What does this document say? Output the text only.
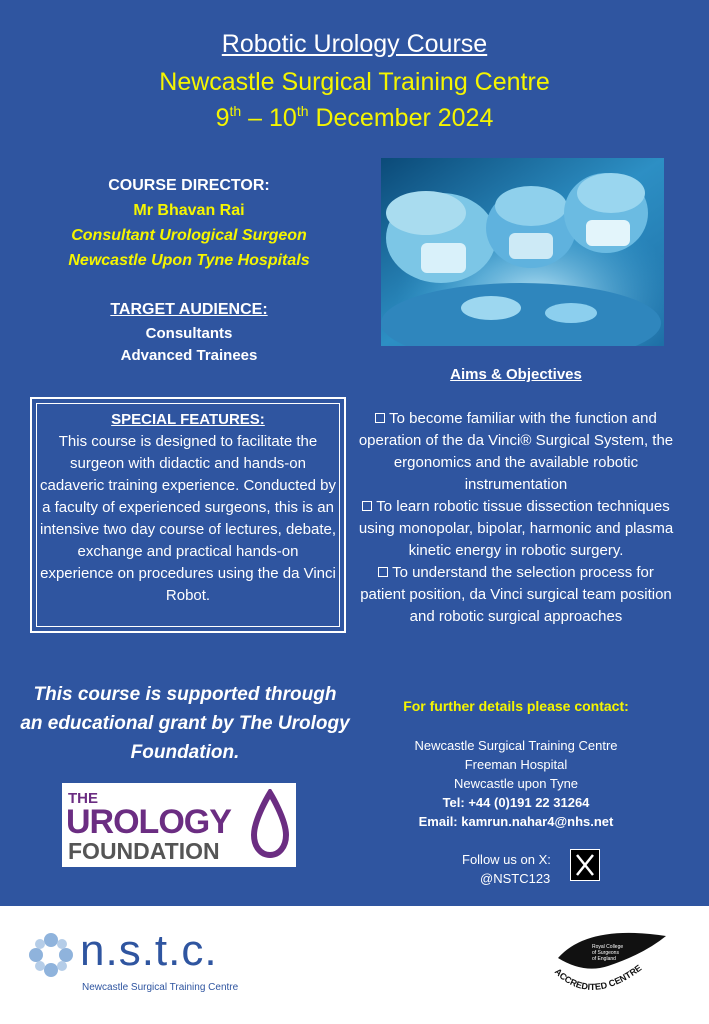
Robotic Urology Course
Newcastle Surgical Training Centre
9th – 10th December 2024
COURSE DIRECTOR:
Mr Bhavan Rai
Consultant Urological Surgeon
Newcastle Upon Tyne Hospitals
TARGET AUDIENCE:
Consultants
Advanced Trainees
SPECIAL FEATURES:
This course is designed to facilitate the surgeon with didactic and hands-on cadaveric training experience. Conducted by a faculty of experienced surgeons, this is an intensive two day course of lectures, debate, exchange and practical hands-on experience on procedures using the da Vinci Robot.
This course is supported through an educational grant by The Urology Foundation.
THE
UROLOGY
FOUNDATION
Aims & Objectives

To become familiar with the function and operation of the da Vinci® Surgical System, the ergonomics and the available robotic instrumentation

To learn robotic tissue dissection techniques using monopolar, bipolar, harmonic and plasma kinetic energy in robotic surgery.

To understand the selection process for patient position, da Vinci surgical team position and robotic surgical approaches

For further details please contact:
Newcastle Surgical Training Centre
Freeman Hospital
Newcastle upon Tyne
Tel: +44 (0)191 22 31264
Email: kamrun.nahar4@nhs.net
Follow us on X:
@NSTC123
n.s.t.c.
Newcastle Surgical Training Centre
ACCREDITED CENTRE
Royal College
of Surgeons
of England
